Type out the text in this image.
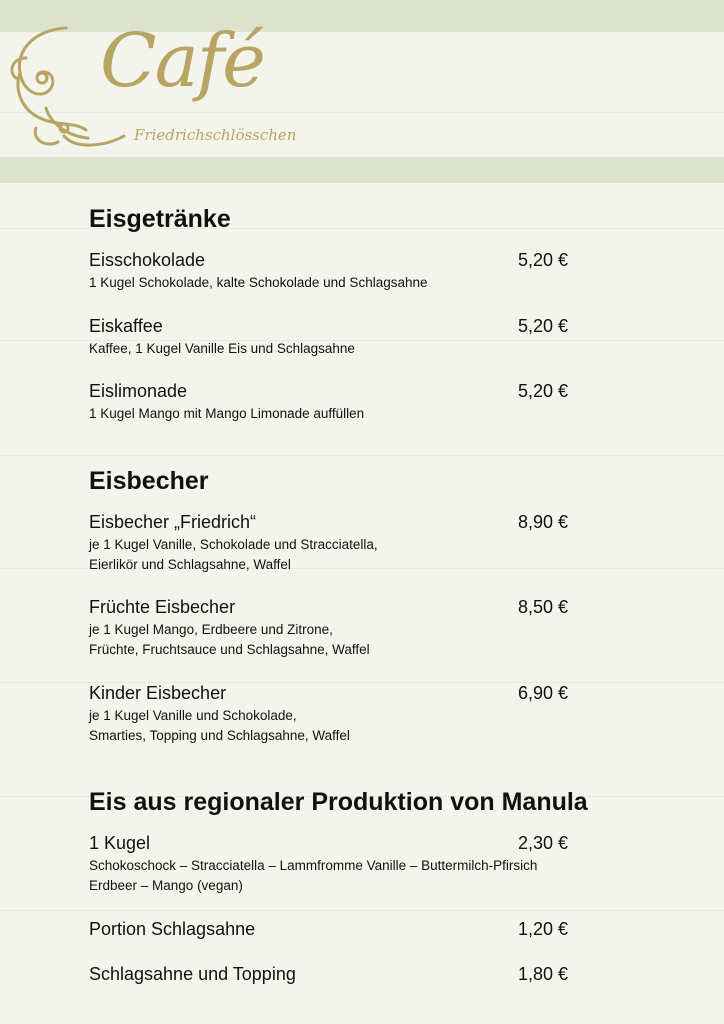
Café
Friedrichschlösschen
Eisgetränke
Eisschokolade	5,20 €
1 Kugel Schokolade, kalte Schokolade und Schlagsahne
Eiskaffee	5,20 €
Kaffee, 1 Kugel Vanille Eis und Schlagsahne
Eislimonade	5,20 €
1 Kugel Mango mit Mango Limonade auffüllen
Eisbecher
Eisbecher „Friedrich“	8,90 €
je 1 Kugel Vanille, Schokolade und Stracciatella,
Eierlikör und Schlagsahne, Waffel
Früchte Eisbecher	8,50 €
je 1 Kugel Mango, Erdbeere und Zitrone,
Früchte, Fruchtsauce und Schlagsahne, Waffel
Kinder Eisbecher	6,90 €
je 1 Kugel Vanille und Schokolade,
Smarties, Topping und Schlagsahne, Waffel
Eis aus regionaler Produktion von Manula
1 Kugel	2,30 €
Schokoschock – Stracciatella – Lammfromme Vanille – Buttermilch-Pfirsich
Erdbeer – Mango (vegan)
Portion Schlagsahne	1,20 €
Schlagsahne und Topping	1,80 €
